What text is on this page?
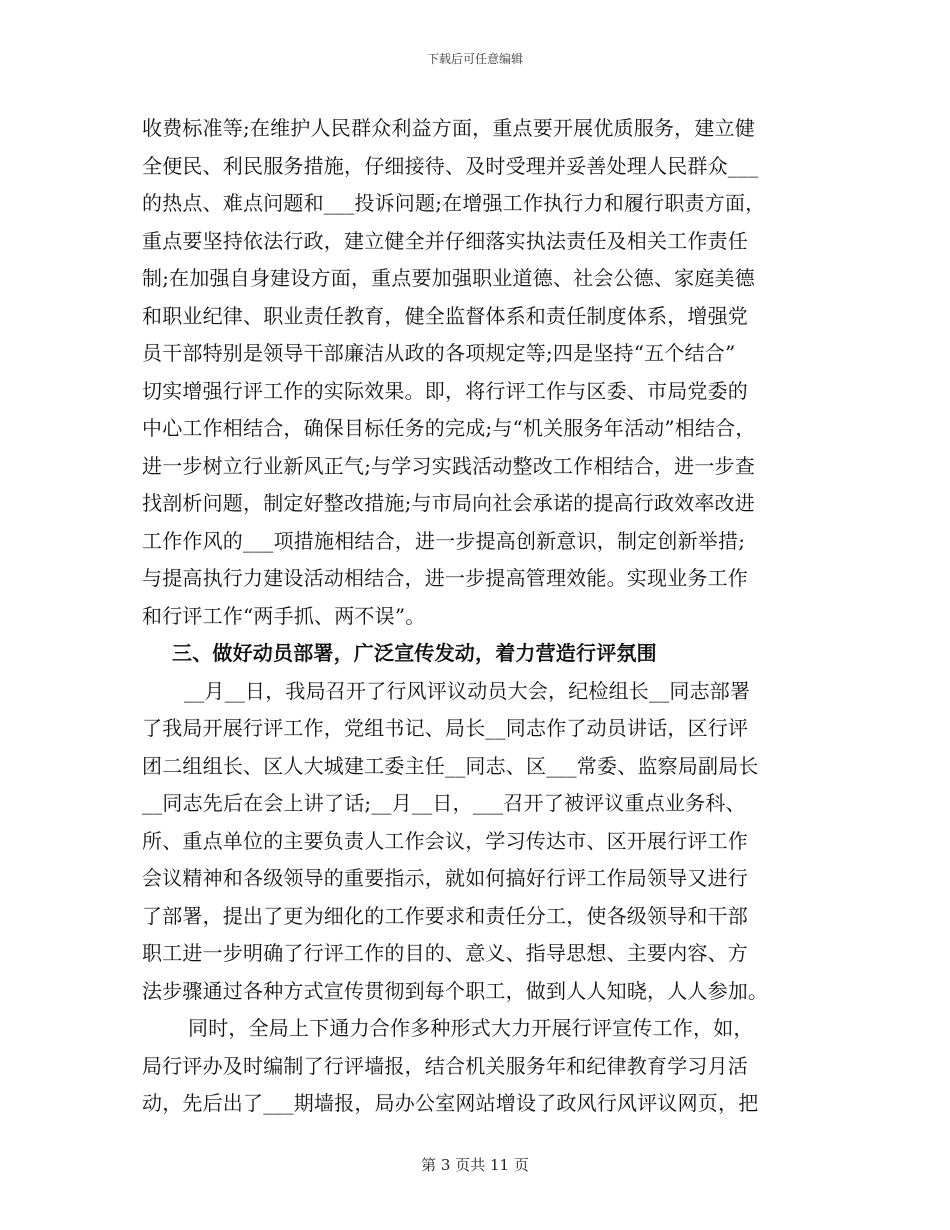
下载后可任意编辑
收费标准等;在维护人民群众利益方面，重点要开展优质服务，建立健
全便民、利民服务措施，仔细接待、及时受理并妥善处理人民群众___
的热点、难点问题和___投诉问题;在增强工作执行力和履行职责方面，
重点要坚持依法行政，建立健全并仔细落实执法责任及相关工作责任
制;在加强自身建设方面，重点要加强职业道德、社会公德、家庭美德
和职业纪律、职业责任教育，健全监督体系和责任制度体系，增强党
员干部特别是领导干部廉洁从政的各项规定等;四是坚持“五个结合”
切实增强行评工作的实际效果。即，将行评工作与区委、市局党委的
中心工作相结合，确保目标任务的完成;与“机关服务年活动”相结合，
进一步树立行业新风正气;与学习实践活动整改工作相结合，进一步查
找剖析问题，制定好整改措施;与市局向社会承诺的提高行政效率改进
工作作风的___项措施相结合，进一步提高创新意识，制定创新举措;
与提高执行力建设活动相结合，进一步提高管理效能。实现业务工作
和行评工作“两手抓、两不误”。
三、做好动员部署，广泛宣传发动，着力营造行评氛围
__月__日，我局召开了行风评议动员大会，纪检组长__同志部署
了我局开展行评工作，党组书记、局长__同志作了动员讲话，区行评
团二组组长、区人大城建工委主任__同志、区___常委、监察局副局长
__同志先后在会上讲了话;__月__日，___召开了被评议重点业务科、
所、重点单位的主要负责人工作会议，学习传达市、区开展行评工作
会议精神和各级领导的重要指示，就如何搞好行评工作局领导又进行
了部署，提出了更为细化的工作要求和责任分工，使各级领导和干部
职工进一步明确了行评工作的目的、意义、指导思想、主要内容、方
法步骤通过各种方式宣传贯彻到每个职工，做到人人知晓，人人参加。
同时，全局上下通力合作多种形式大力开展行评宣传工作，如，
局行评办及时编制了行评墙报，结合机关服务年和纪律教育学习月活
动，先后出了___期墙报，局办公室网站增设了政风行风评议网页，把
第 3 页共 11 页
